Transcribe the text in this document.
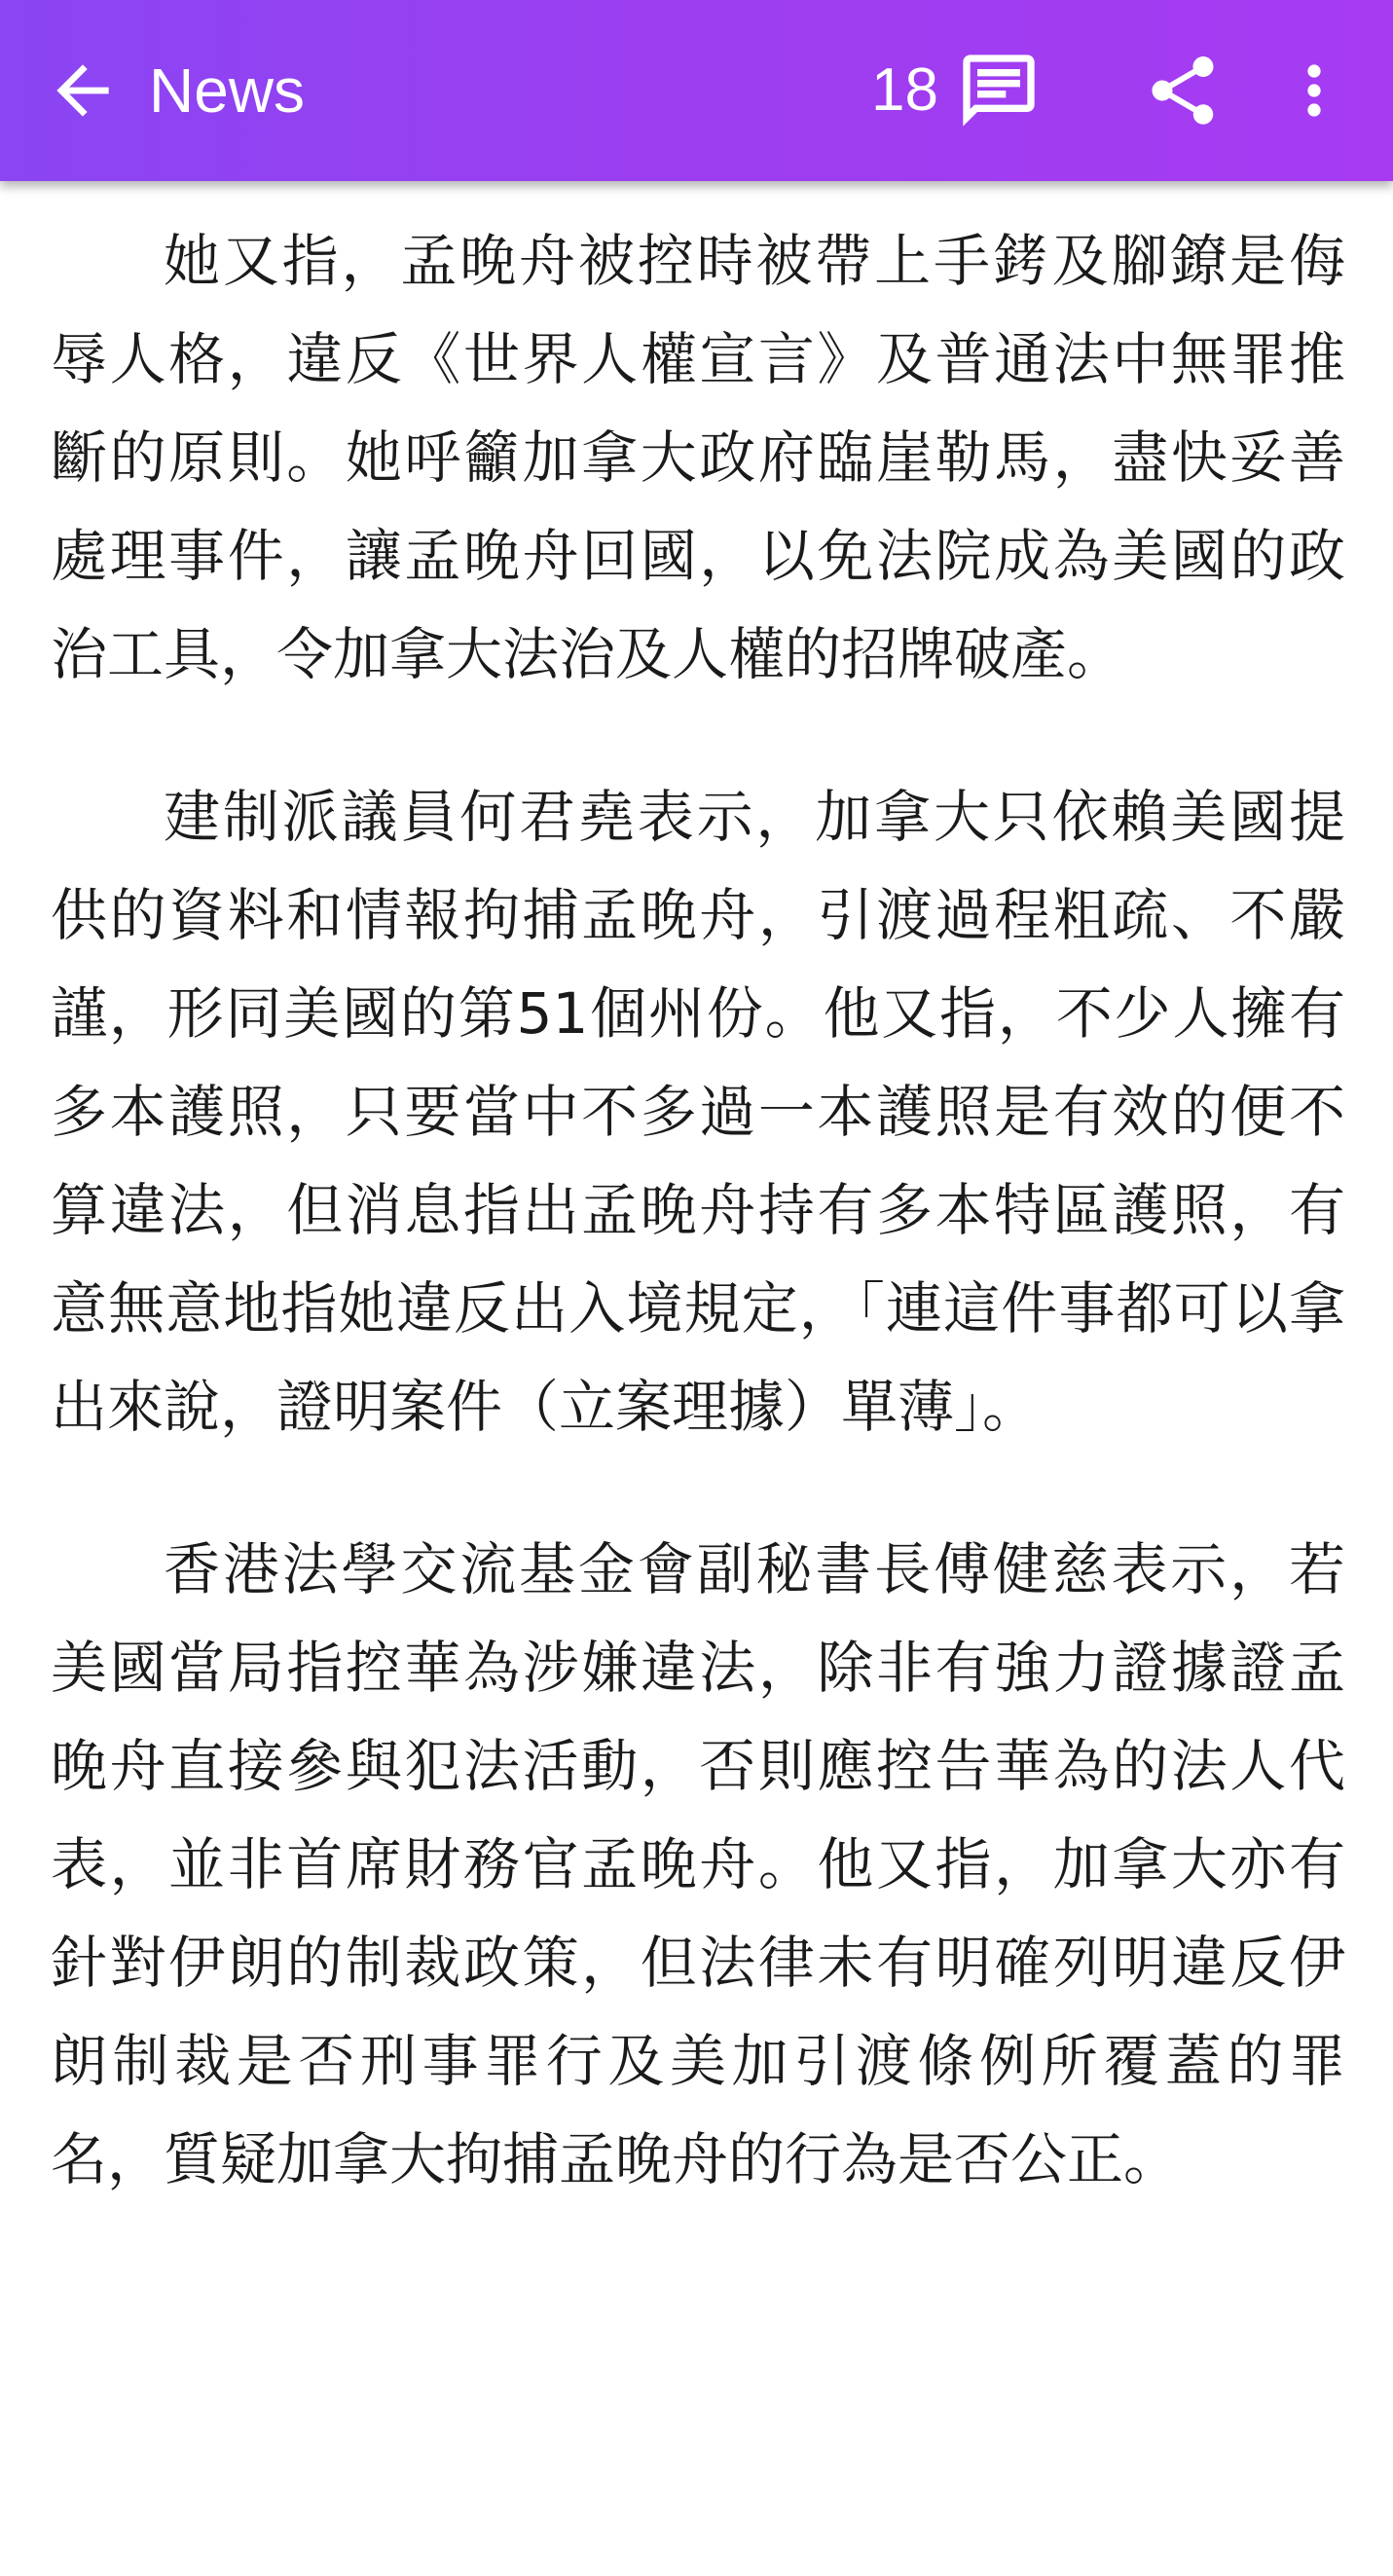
News	18

她又指，孟晚舟被控時被帶上手銬及腳鐐是侮辱人格，違反《世界人權宣言》及普通法中無罪推斷的原則。她呼籲加拿大政府臨崖勒馬，盡快妥善處理事件，讓孟晚舟回國，以免法院成為美國的政治工具，令加拿大法治及人權的招牌破產。

建制派議員何君堯表示，加拿大只依賴美國提供的資料和情報拘捕孟晚舟，引渡過程粗疏、不嚴謹，形同美國的第51個州份。他又指，不少人擁有多本護照，只要當中不多過一本護照是有效的便不算違法，但消息指出孟晚舟持有多本特區護照，有意無意地指她違反出入境規定，「連這件事都可以拿出來說，證明案件（立案理據）單薄」。

香港法學交流基金會副秘書長傅健慈表示，若美國當局指控華為涉嫌違法，除非有強力證據證孟晚舟直接參與犯法活動，否則應控告華為的法人代表，並非首席財務官孟晚舟。他又指，加拿大亦有針對伊朗的制裁政策，但法律未有明確列明違反伊朗制裁是否刑事罪行及美加引渡條例所覆蓋的罪名，質疑加拿大拘捕孟晚舟的行為是否公正。
